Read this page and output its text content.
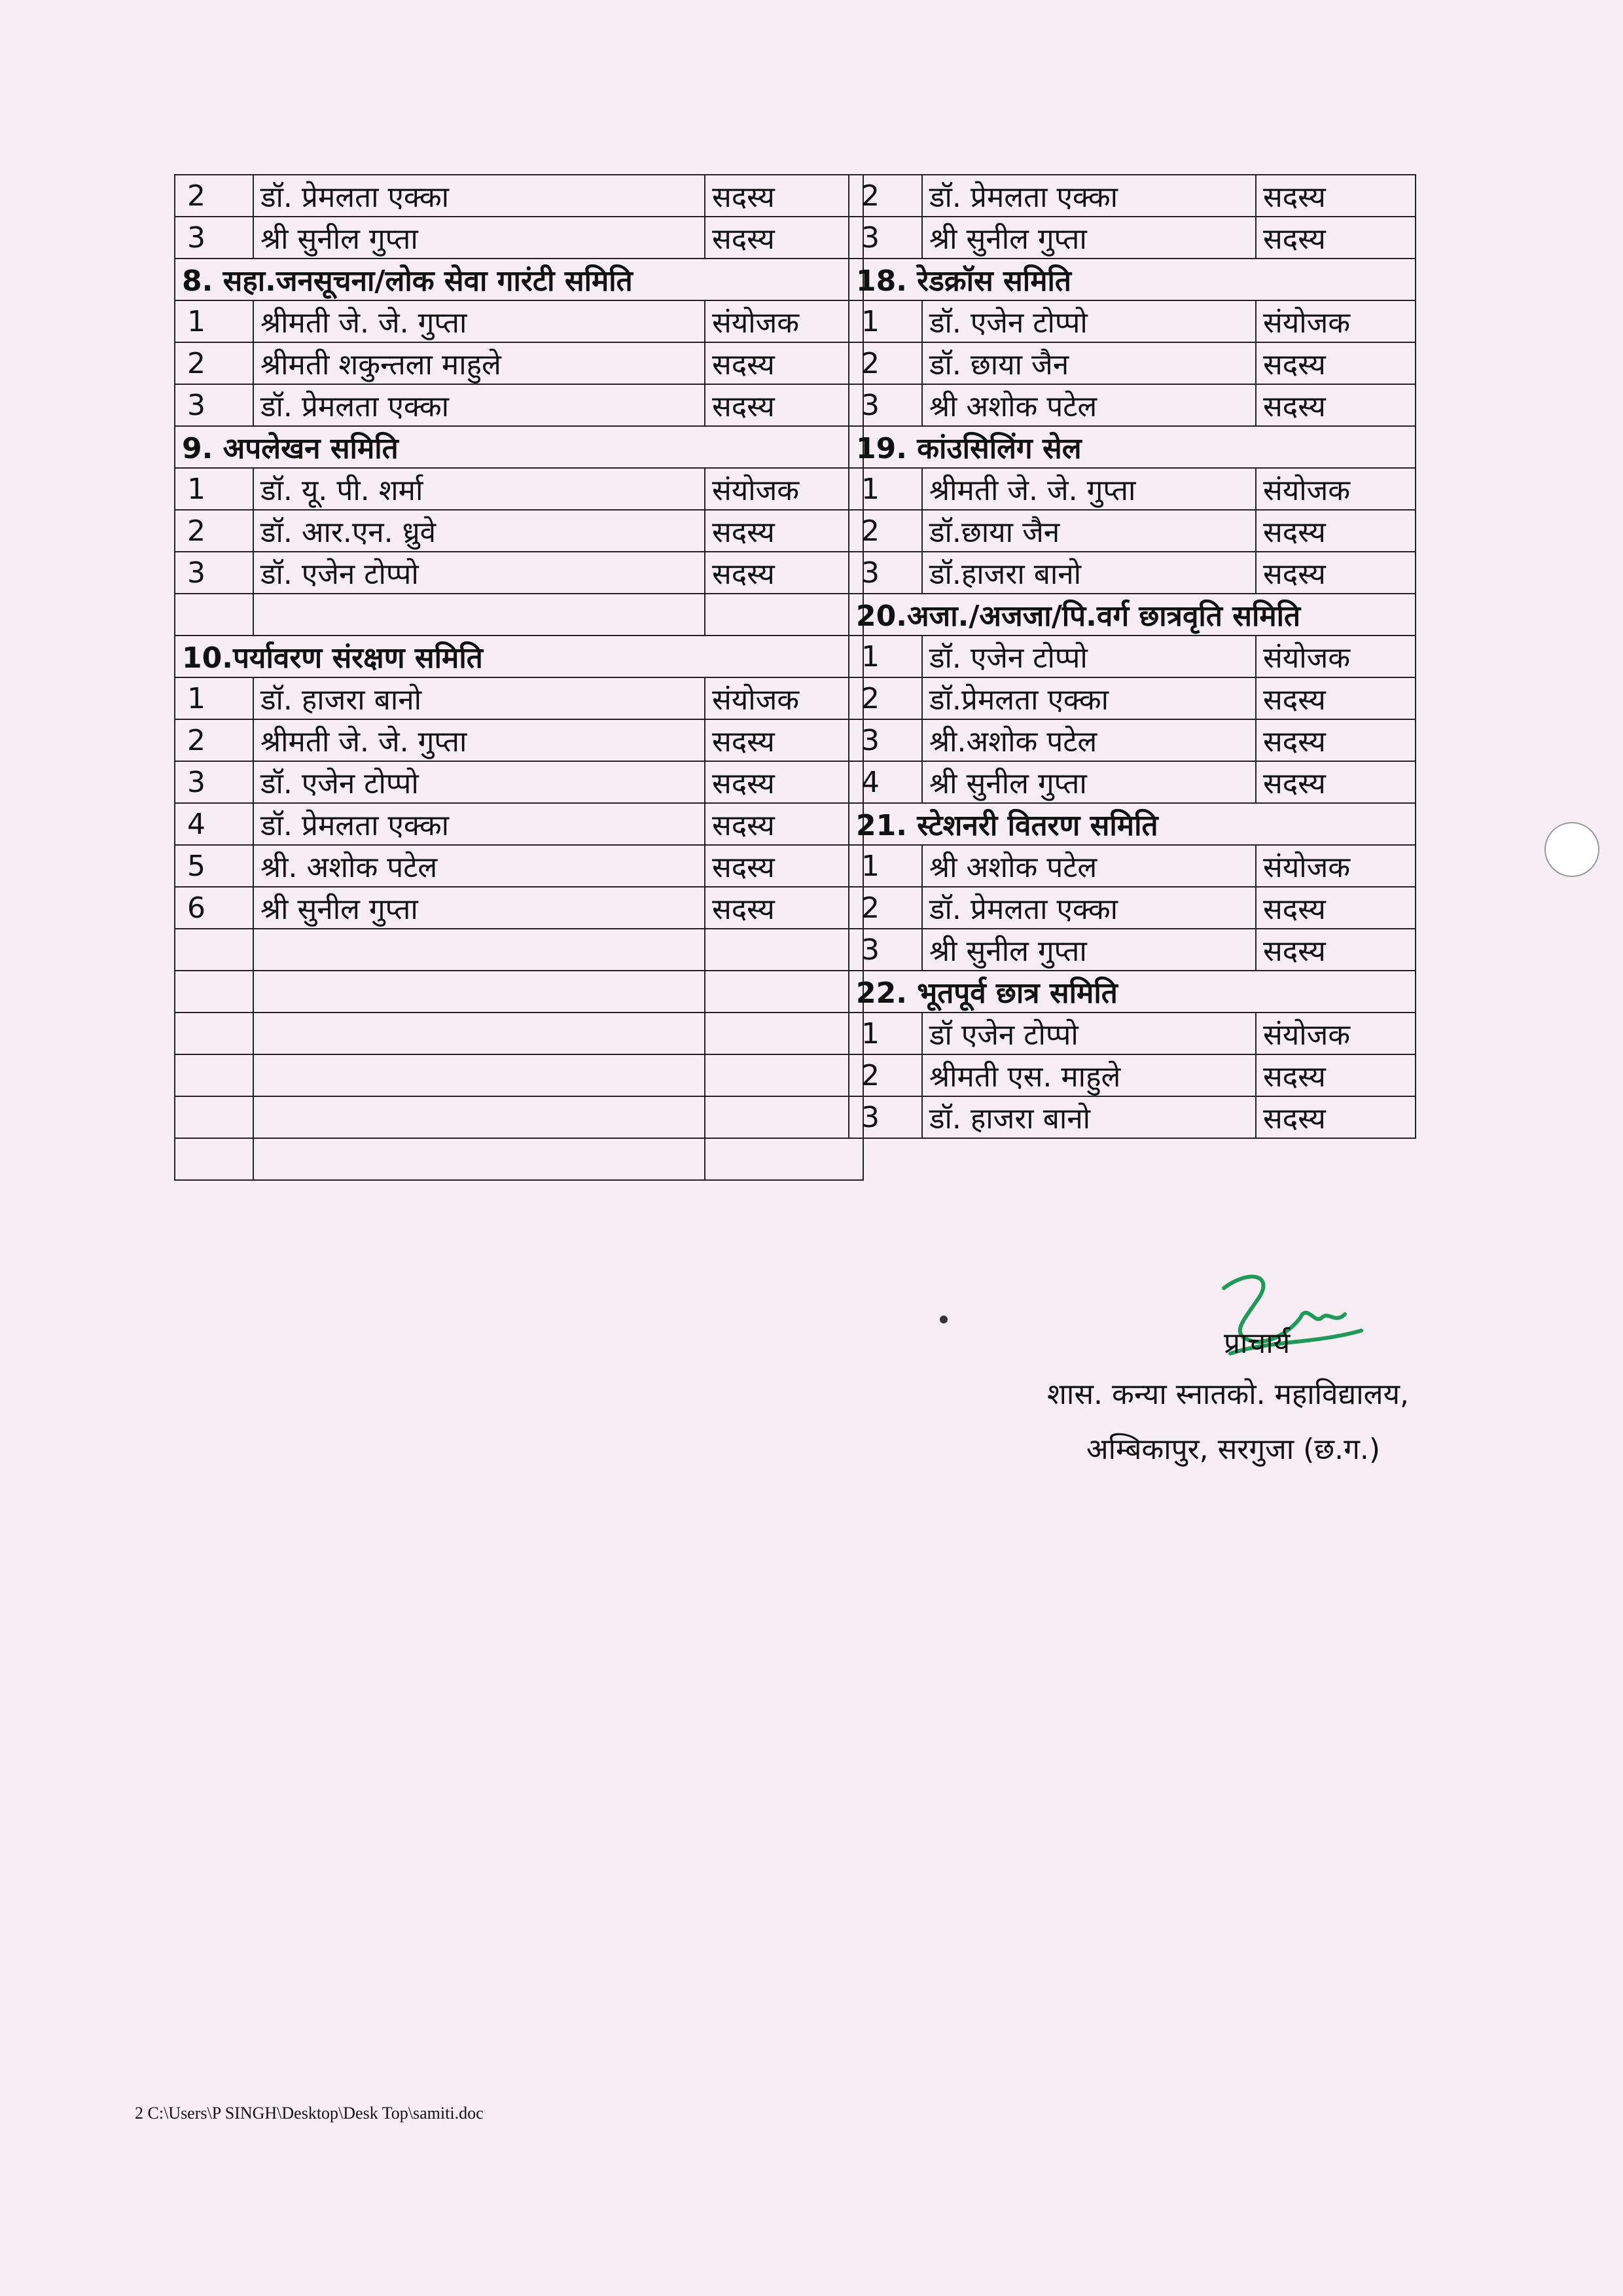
2	डॉ. प्रेमलता एक्का	सदस्य
3	श्री सुनील गुप्ता	सदस्य
8. सहा.जनसूचना/लोक सेवा गारंटी समिति		
1	श्रीमती जे. जे. गुप्ता	संयोजक
2	श्रीमती शकुन्तला माहुले	सदस्य
3	डॉ. प्रेमलता एक्का	सदस्य
9. अपलेखन समिति		
1	डॉ. यू. पी. शर्मा	संयोजक
2	डॉ. आर.एन. ध्रुवे	सदस्य
3	डॉ. एजेन टोप्पो	सदस्य

10.पर्यावरण संरक्षण समिति		
1	डॉ. हाजरा बानो	संयोजक
2	श्रीमती जे. जे. गुप्ता	सदस्य
3	डॉ. एजेन टोप्पो	सदस्य
4	डॉ. प्रेमलता एक्का	सदस्य
5	श्री. अशोक पटेल	सदस्य
6	श्री सुनील गुप्ता	सदस्य

2	डॉ. प्रेमलता एक्का	सदस्य
3	श्री सुनील गुप्ता	सदस्य
18. रेडक्रॉस समिति		
1	डॉ. एजेन टोप्पो	संयोजक
2	डॉ. छाया जैन	सदस्य
3	श्री अशोक पटेल	सदस्य
19. कांउसिलिंग सेल		
1	श्रीमती जे. जे. गुप्ता	संयोजक
2	डॉ.छाया जैन	सदस्य
3	डॉ.हाजरा बानो	सदस्य
20.अजा./अजजा/पि.वर्ग छात्रवृति समिति		
1	डॉ. एजेन टोप्पो	संयोजक
2	डॉ.प्रेमलता एक्का	सदस्य
3	श्री.अशोक पटेल	सदस्य
4	श्री सुनील गुप्ता	सदस्य
21. स्टेशनरी वितरण समिति		
1	श्री अशोक पटेल	संयोजक
2	डॉ. प्रेमलता एक्का	सदस्य
3	श्री सुनील गुप्ता	सदस्य
22. भूतपूर्व छात्र समिति		
1	डॉ एजेन टोप्पो	संयोजक
2	श्रीमती एस. माहुले	सदस्य
3	डॉ. हाजरा बानो	सदस्य
प्राचार्य
शास. कन्या स्नातको. महाविद्यालय,
अम्बिकापुर, सरगुजा (छ.ग.)
2 C:\Users\P SINGH\Desktop\Desk Top\samiti.doc
